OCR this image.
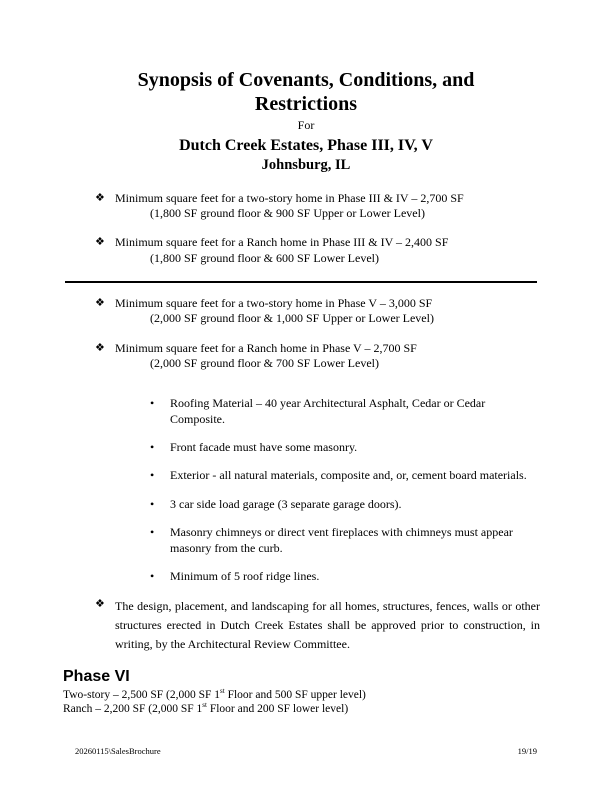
Synopsis of Covenants, Conditions, and
Restrictions
For
Dutch Creek Estates, Phase III, IV, V
Johnsburg, IL
❖ Minimum square feet for a two-story home in Phase III & IV – 2,700 SF
(1,800 SF ground floor & 900 SF Upper or Lower Level)
❖ Minimum square feet for a Ranch home in Phase III & IV – 2,400 SF
(1,800 SF ground floor & 600 SF Lower Level)
❖ Minimum square feet for a two-story home in Phase V – 3,000 SF
(2,000 SF ground floor & 1,000 SF Upper or Lower Level)
❖ Minimum square feet for a Ranch home in Phase V – 2,700 SF
(2,000 SF ground floor & 700 SF Lower Level)
•	Roofing Material – 40 year Architectural Asphalt, Cedar or Cedar Composite.
•	Front facade must have some masonry.
•	Exterior - all natural materials, composite and, or, cement board materials.
•	3 car side load garage (3 separate garage doors).
•	Masonry chimneys or direct vent fireplaces with chimneys must appear masonry from the curb.
•	Minimum of 5 roof ridge lines.
❖ The design, placement, and landscaping for all homes, structures, fences, walls or other structures erected in Dutch Creek Estates shall be approved prior to construction, in writing, by the Architectural Review Committee.
Phase VI
Two-story – 2,500 SF (2,000 SF 1st Floor and 500 SF upper level)
Ranch – 2,200 SF (2,000 SF 1st Floor and 200 SF lower level)
20260115\SalesBrochure	19/19
